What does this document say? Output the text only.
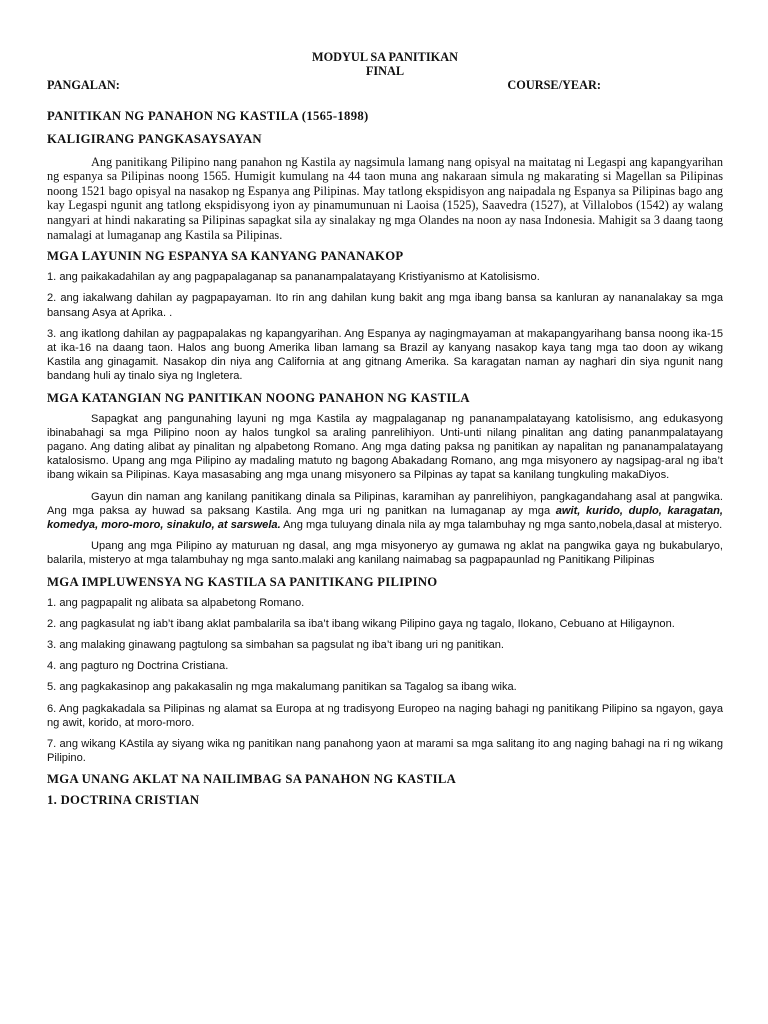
MODYUL SA PANITIKAN

FINAL

PANGALAN:	COURSE/YEAR:
PANITIKAN NG PANAHON NG KASTILA (1565-1898)
KALIGIRANG PANGKASAYSAYAN

Ang panitikang Pilipino nang panahon ng Kastila ay nagsimula lamang nang opisyal na maitatag ni Legaspi ang kapangyarihan ng espanya sa Pilipinas noong 1565. Humigit kumulang na 44 taon muna ang nakaraan simula ng makarating si Magellan sa Pilipinas noong 1521 bago opisyal na nasakop ng Espanya ang Pilipinas. May tatlong ekspidisyon ang naipadala ng Espanya sa Pilipinas bago ang kay Legaspi ngunit ang tatlong ekspidisyong iyon ay pinamumunuan ni Laoisa (1525), Saavedra (1527), at Villalobos (1542) ay walang nangyari at hindi nakarating sa Pilipinas sapagkat sila ay sinalakay ng mga Olandes na noon ay nasa Indonesia. Mahigit sa 3 daang taong namalagi at lumaganap ang Kastila sa Pilipinas.

MGA LAYUNIN NG ESPANYA SA KANYANG PANANAKOP

1. ang paikakadahilan ay ang pagpapalaganap sa pananampalatayang Kristiyanismo at Katolisismo.

2. ang iakalwang dahilan ay pagpapayaman. Ito rin ang dahilan kung bakit ang mga ibang bansa sa kanluran ay nananalakay sa mga bansang Asya at Aprika. .

3. ang ikatlong dahilan ay pagpapalakas ng kapangyarihan. Ang Espanya ay nagingmayaman at makapangyarihang bansa noong ika-15 at ika-16 na daang taon. Halos ang buong Amerika liban lamang sa Brazil ay kanyang nasakop kaya tang mga tao doon ay wikang Kastila ang ginagamit. Nasakop din niya ang California at ang gitnang Amerika. Sa karagatan naman ay naghari din siya ngunit nang bandang huli ay tinalo siya ng Ingletera.

MGA KATANGIAN NG PANITIKAN NOONG PANAHON NG KASTILA

Sapagkat ang pangunahing layuni ng mga Kastila ay magpalaganap ng pananampalatayang katolisismo, ang edukasyong ibinabahagi sa mga Pilipino noon ay halos tungkol sa araling panrelihiyon. Unti-unti nilang pinalitan ang dating pananmpalatayang pagano. Ang dating alibat ay pinalitan ng alpabetong Romano. Ang mga dating paksa ng panitikan ay napalitan ng pananampalatayang katalosismo. Upang ang mga Pilipino ay madaling matuto ng bagong Abakadang Romano, ang mga misyonero ay nagsipag-aral ng iba’t ibang wikain sa Pilipinas. Kaya masasabing ang mga unang misyonero sa Pilpinas ay tapat sa kanilang tungkuling makaDiyos.

Gayun din naman ang kanilang panitikang dinala sa Pilipinas, karamihan ay panrelihiyon, pangkagandahang asal at pangwika. Ang mga paksa ay huwad sa paksang Kastila. Ang mga uri ng panitkan na lumaganap ay mga awit, kurido, duplo, karagatan, komedya, moro-moro, sinakulo, at sarswela. Ang mga tuluyang dinala nila ay mga talambuhay ng mga santo,nobela,dasal at misteryo.

Upang ang mga Pilipino ay maturuan ng dasal, ang mga misyoneryo ay gumawa ng aklat na pangwika gaya ng bukabularyo, balarila, misteryo at mga talambuhay ng mga santo.malaki ang kanilang naimabag sa pagpapaunlad ng Panitikang Pilipinas

MGA IMPLUWENSYA NG KASTILA SA PANITIKANG PILIPINO

1. ang pagpapalit ng alibata sa alpabetong Romano.

2. ang pagkasulat ng iab’t ibang aklat pambalarila sa iba’t ibang wikang Pilipino gaya ng tagalo, Ilokano, Cebuano at Hiligaynon.

3. ang malaking ginawang pagtulong sa simbahan sa pagsulat ng iba’t ibang uri ng panitikan.

4. ang pagturo ng Doctrina Cristiana.

5. ang pagkakasinop ang pakakasalin ng mga makalumang panitikan sa Tagalog sa ibang wika.

6. Ang pagkakadala sa Pilipinas ng alamat sa Europa at ng tradisyong Europeo na naging bahagi ng panitikang Pilipino sa ngayon, gaya ng awit, korido, at moro-moro.

7. ang wikang KAstila ay siyang wika ng panitikan nang panahong yaon at marami sa mga salitang ito ang naging bahagi na ri ng wikang Pilipino.

MGA UNANG AKLAT NA NAILIMBAG SA PANAHON NG KASTILA
1. DOCTRINA CRISTIAN
